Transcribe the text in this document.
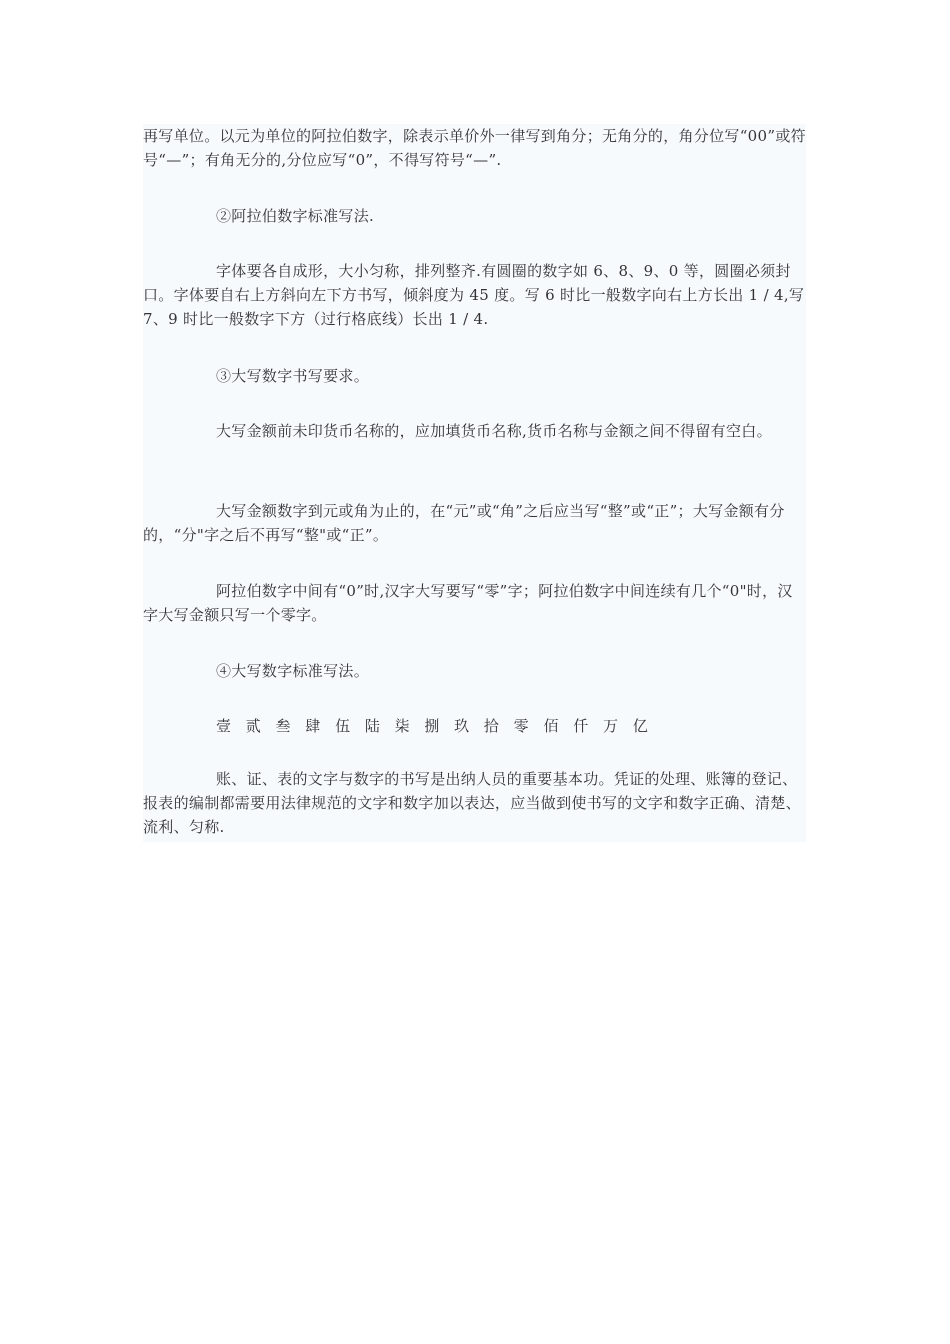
再写单位。以元为单位的阿拉伯数字，除表示单价外一律写到角分；无角分的，角分位写“00”或符号“—”；有角无分的,分位应写“0”，不得写符号“—”.

②阿拉伯数字标准写法.

字体要各自成形，大小匀称，排列整齐.有圆圈的数字如 6、8、9、0 等，圆圈必须封口。字体要自右上方斜向左下方书写，倾斜度为 45 度。写 6 时比一般数字向右上方长出 1 / 4,写 7、9 时比一般数字下方（过行格底线）长出 1 / 4.

③大写数字书写要求。

大写金额前未印货币名称的，应加填货币名称,货币名称与金额之间不得留有空白。

大写金额数字到元或角为止的，在“元”或“角”之后应当写“整”或“正”；大写金额有分的，“分"字之后不再写“整"或“正”。

阿拉伯数字中间有“0”时,汉字大写要写“零”字；阿拉伯数字中间连续有几个“0"时，汉字大写金额只写一个零字。

④大写数字标准写法。

壹 贰 叁 肆 伍 陆 柒 捌 玖 拾 零 佰 仟 万 亿

账、证、表的文字与数字的书写是出纳人员的重要基本功。凭证的处理、账簿的登记、报表的编制都需要用法律规范的文字和数字加以表达，应当做到使书写的文字和数字正确、清楚、流利、匀称.
